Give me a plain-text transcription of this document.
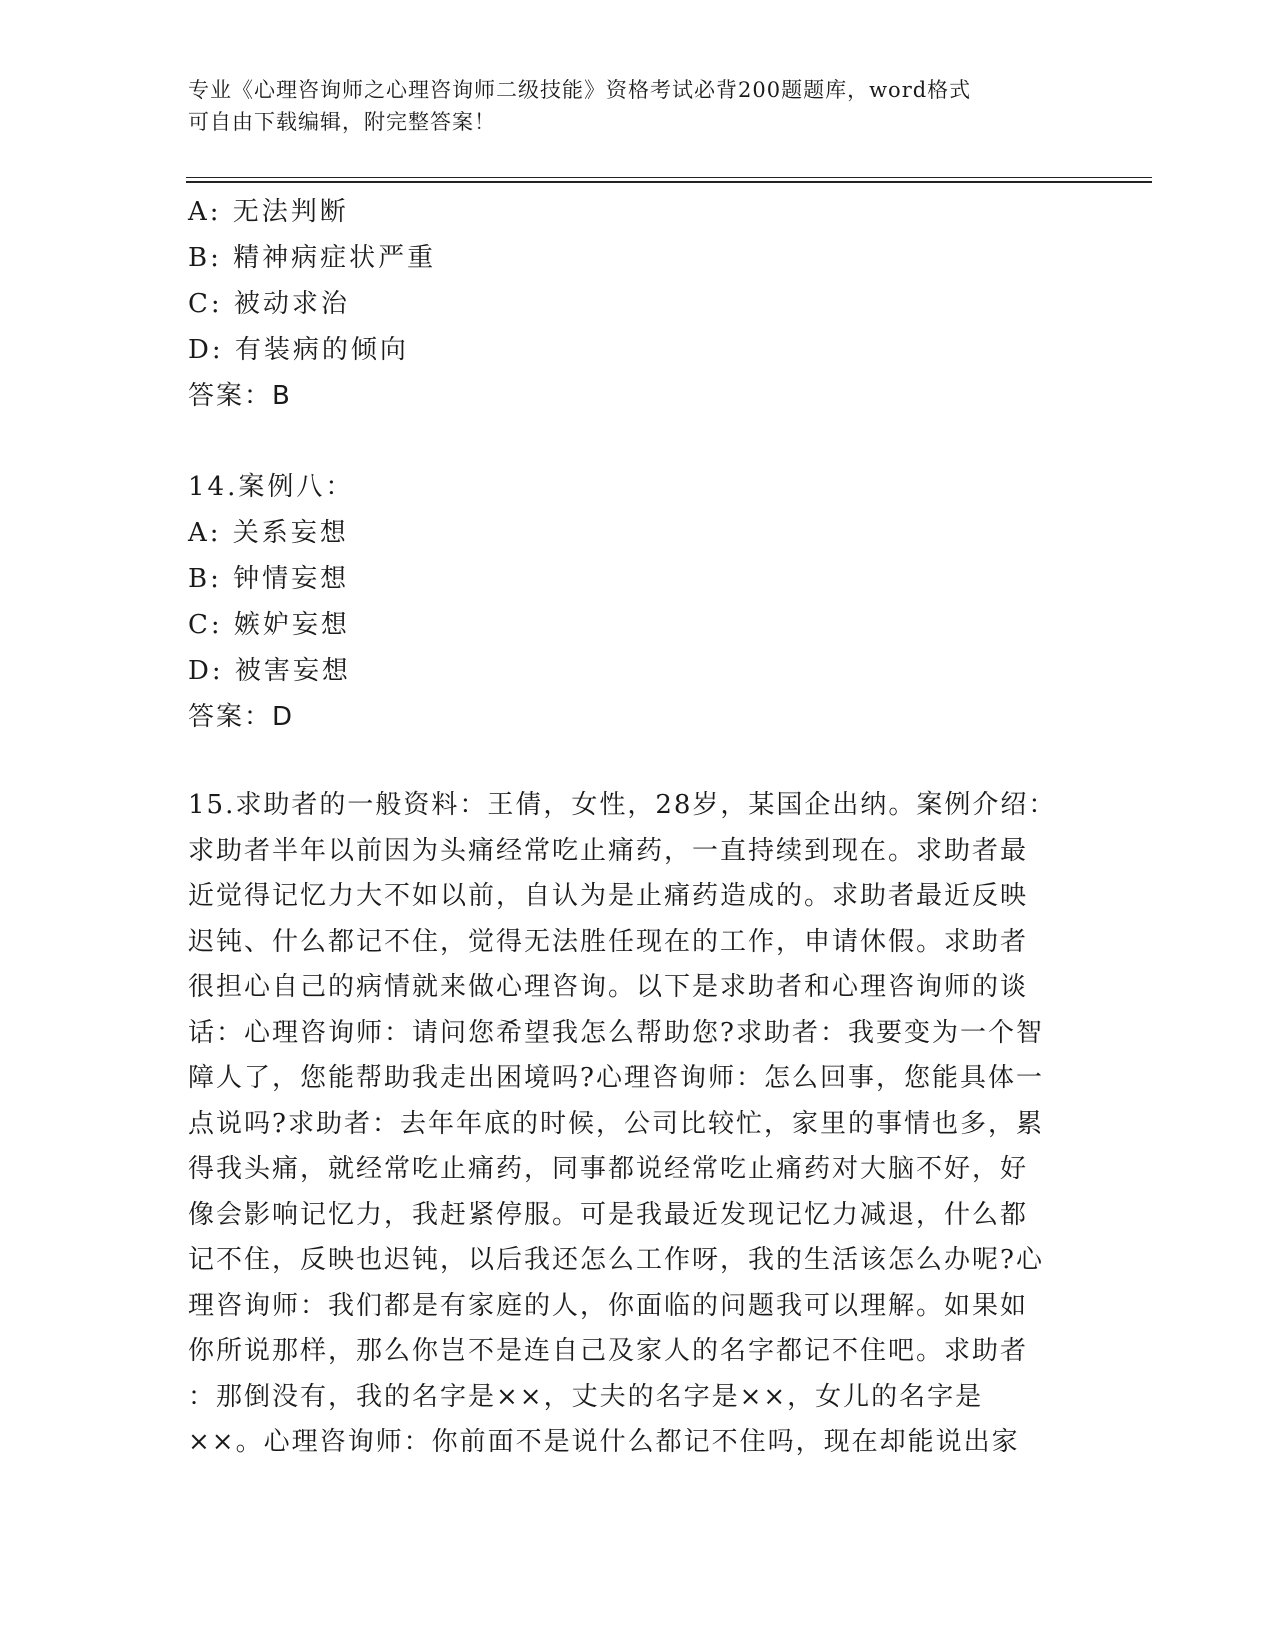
专业《心理咨询师之心理咨询师二级技能》资格考试必背200题题库，word格式
可自由下载编辑，附完整答案！
A: 无法判断
B: 精神病症状严重
C: 被动求治
D: 有装病的倾向
答案：B
14.案例八：
A: 关系妄想
B: 钟情妄想
C: 嫉妒妄想
D: 被害妄想
答案：D
15.求助者的一般资料：王倩，女性，28岁，某国企出纳。案例介绍：
求助者半年以前因为头痛经常吃止痛药，一直持续到现在。求助者最
近觉得记忆力大不如以前，自认为是止痛药造成的。求助者最近反映
迟钝、什么都记不住，觉得无法胜任现在的工作，申请休假。求助者
很担心自己的病情就来做心理咨询。以下是求助者和心理咨询师的谈
话：心理咨询师：请问您希望我怎么帮助您?求助者：我要变为一个智
障人了，您能帮助我走出困境吗?心理咨询师：怎么回事，您能具体一
点说吗?求助者：去年年底的时候，公司比较忙，家里的事情也多，累
得我头痛，就经常吃止痛药，同事都说经常吃止痛药对大脑不好，好
像会影响记忆力，我赶紧停服。可是我最近发现记忆力减退，什么都
记不住，反映也迟钝，以后我还怎么工作呀，我的生活该怎么办呢?心
理咨询师：我们都是有家庭的人，你面临的问题我可以理解。如果如
你所说那样，那么你岂不是连自己及家人的名字都记不住吧。求助者
：那倒没有，我的名字是××，丈夫的名字是××，女儿的名字是
××。心理咨询师：你前面不是说什么都记不住吗，现在却能说出家
